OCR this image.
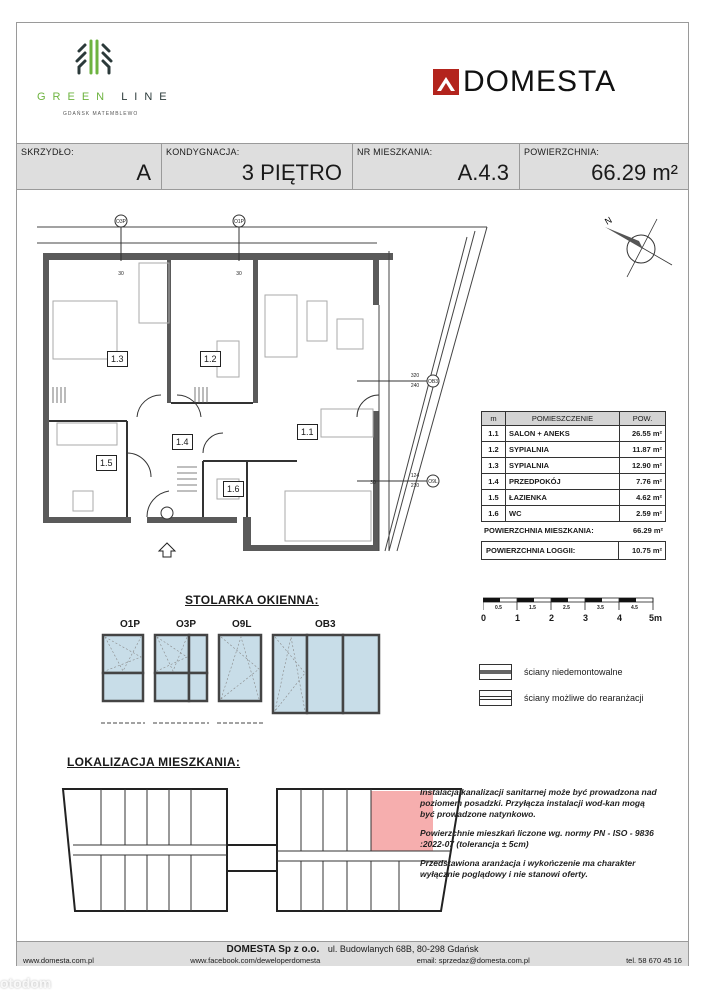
GREEN LINE
GDAŃSK MATEMBLEWO
DOMESTA
SKRZYDŁO:
A
KONDYGNACJA:
3 PIĘTRO
NR MIESZKANIA:
A.4.3
POWIERZCHNIA:
66.29 m²
O3P	O1P
OB3
O9L
30	30
320
240
124
210
30
N
1.3	1.2
1.1
1.4
1.5
1.6
m	POMIESZCZENIE	POW.
1.1	SALON + ANEKS	26.55 m²
1.2	SYPIALNIA	11.87 m²
1.3	SYPIALNIA	12.90 m²
1.4	PRZEDPOKÓJ	7.76 m²
1.5	ŁAZIENKA	4.62 m²
1.6	WC	2.59 m²
POWIERZCHNIA MIESZKANIA:	66.29 m²
POWIERZCHNIA LOGGII:	10.75 m²
STOLARKA OKIENNA:
O1P	O3P	O9L	OB3
0	1	2	3	4	5m
0.5	1.5	2.5	3.5	4.5
ściany niedemontowalne
ściany możliwe do rearanżacji
LOKALIZACJA MIESZKANIA:

Instalacja kanalizacji sanitarnej może być prowadzona nad poziomem posadzki. Przyłącza instalacji wod-kan mogą być prowadzone natynkowo.

Powierzchnie mieszkań liczone wg. normy PN - ISO - 9836 :2022-07 (tolerancja ± 5cm)

Przedstawiona aranżacja i wykończenie ma charakter wyłącznie poglądowy i nie stanowi oferty.

DOMESTA Sp z o.o. ul. Budowlanych 68B, 80-298 Gdańsk
www.domesta.com.pl	www.facebook.com/deweloperdomesta	email: sprzedaz@domesta.com.pl	tel. 58 670 45 16
otodom
